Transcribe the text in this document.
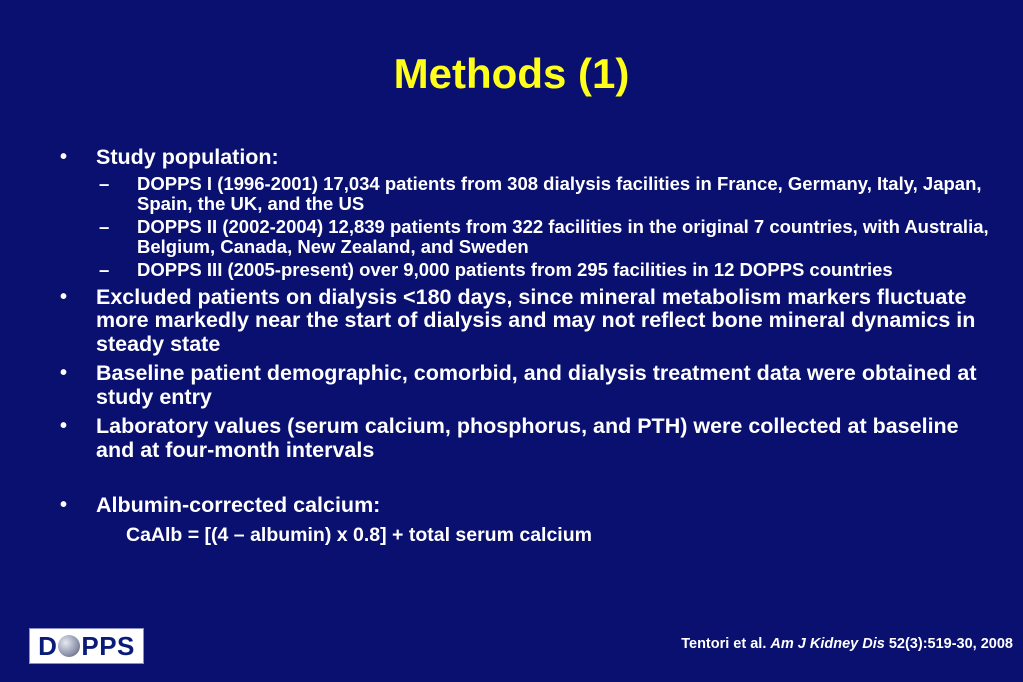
Methods (1)
• Study population:
– DOPPS I (1996-2001) 17,034 patients from 308 dialysis facilities in France, Germany, Italy, Japan, Spain, the UK, and the US
– DOPPS II (2002-2004) 12,839 patients from 322 facilities in the original 7 countries, with Australia, Belgium, Canada, New Zealand, and Sweden
– DOPPS III (2005-present) over 9,000 patients from 295 facilities in 12 DOPPS countries
• Excluded patients on dialysis <180 days, since mineral metabolism markers fluctuate more markedly near the start of dialysis and may not reflect bone mineral dynamics in steady state
• Baseline patient demographic, comorbid, and dialysis treatment data were obtained at study entry
• Laboratory values (serum calcium, phosphorus, and PTH) were collected at baseline and at four-month intervals
• Albumin-corrected calcium:
CaAlb = [(4 – albumin) x 0.8] + total serum calcium
D PPS	Tentori et al. Am J Kidney Dis 52(3):519-30, 2008
